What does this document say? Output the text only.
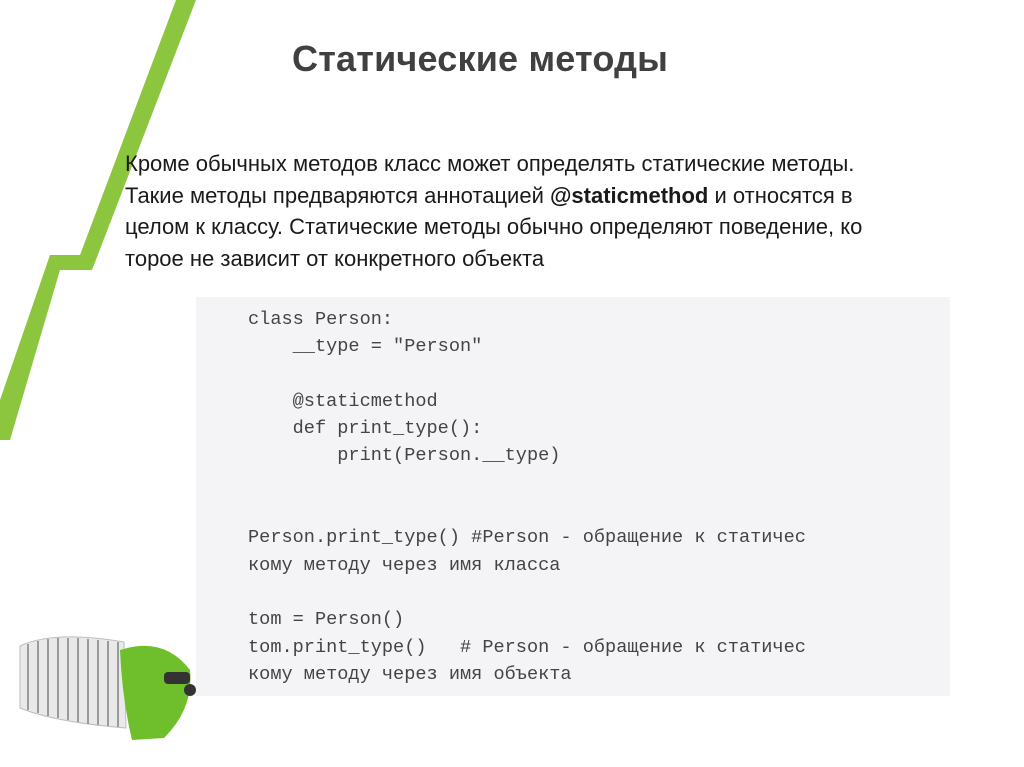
Статические методы
Кроме обычных методов класс может определять статические методы.
Такие методы предваряются аннотацией @staticmethod и относятся в
целом к классу. Статические методы обычно определяют поведение, ко
торое не зависит от конкретного объекта
class Person:
__type = "Person"
@staticmethod
def print_type():
print(Person.__type)
Person.print_type() #Person - обращение к статичес
кому методу через имя класса
tom = Person()
tom.print_type()   # Person - обращение к статичес
кому методу через имя объекта
